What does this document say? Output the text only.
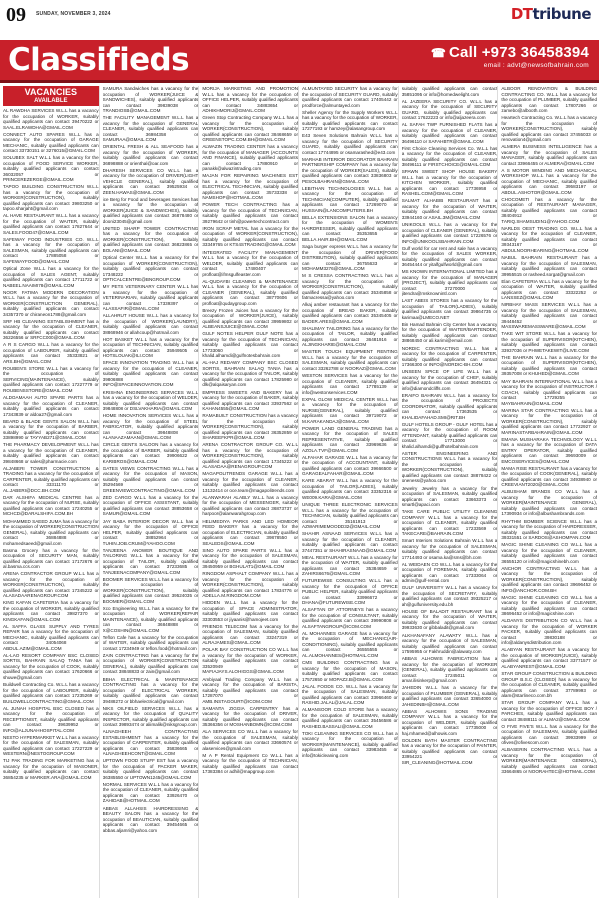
09 SUNDAY, NOVEMBER 3, 2024	DTtribune
Classifieds	☎ Call +973 36458394
email : advt@newsofbahrain.com
VACANCIES
AVAILABLE

AL RAWDHA SERVICES W.L.L has a vacancy for the occupation of WORKER, suitably qualified applicants can contact 39470222 or SAAL.ELRAWDHA@GMAIL.COM

CONNECT AUTO SPARES W.L.L has a vacancy for the occupation of GARAGE MECHANIC, suitably qualified applicants can contact 33730151 or 3276015@GMAIL.COM

SOLUBEX SALT W.L.L has a vacancy for the occupation of FOOD SERVICE WORKER, suitably qualified applicants can contact 36032057 or PRINCEREZERGE@GMAIL.COM

TAPOO BUILDING CONSTRUCTION W.L.L has a vacancy for the occupation of WORKER(CONSTRUCTION), suitably qualified applicants can contact 39803250 or tapoo.sharjaht@gmail.com

AL HAVE RESTAURANT W.L.L has a vacancy for the occupation of WAITER, suitably qualified applicants can contact 17827644 or SALES.FOOD47@GMAIL.COM

SAFEWAY FOOD INDUSTRIES CO. W.L.L has a vacancy for the occupation of SALESMAN, suitably qualified applicants can contact 17885058 or SAFEWAYFOOD@GMAIL.COM

Optical Zone W.L.L has a vacancy for the occupation of SALES AGENT, suitably qualified applicants can contact 17711722 or NABEEL.NAAIMI78@GMAIL.COM

NOOR FATIMA MODERN DECORATION W.L.L has a vacancy for the occupation of WORKER(CONSTRUCTION GENERAL), suitably qualified applicants can contact 34357370 or chiraneon1788@gmail.com

SRF HB CLEANING ESTABLISHMENT has a vacancy for the occupation of CLEANER, suitably qualified applicants can contact 36226556 or SRFCC000@GMAIL.COM

A R S CARGO W.L.L has a vacancy for the occupation of LABOURER, suitably qualified applicants can contact 35333821 or ARS.BH@GMAIL.COM

ROUBEN'S STORE W.L.L has a vacancy for the occupation of SERVICING(MAINTENANCE), suitably qualified applicants can contact 17227779 or ROUBENSSTORE@GMAIL.COM

ALDOAMAAH AUTO SPARE PARTS has a vacancy for the occupation of CLEANER, suitably qualified applicants can contact 17343839 or aldoa27@gmail.com

BEARD & BLADE GENTS SALON W.L.L has a vacancy for the occupation of BARBER, suitably qualified applicants can contact 33898990 or TAYYAB271@GMAIL.COM

THE PHARMACY DEVELOPMENT W.L.L has a vacancy for the occupation of CLEANER, suitably qualified applicants can contact 39848668 or sales@pharmacie.com

ALJABERI TOWER CONSTRUCTION & TRADING has a vacancy for the occupation of CARPENTER, suitably qualified applicants can contact 33311170 or AL.JABERI@DCC.BH.COM

DAR ALSHIFA MEDICAL CENTRE has a vacancy for the occupation of NURSE, suitably qualified applicants can contact 17240255 or MCHCD@DARALSHIFA.COM.BH

MOHAMMED SAEED JUMA has a vacancy for the occupation of WORKER(CONSTRUCTION GENERAL), suitably qualified applicants can contact 36884888 or mohamedsaeed@gmail.com

Basma Grocery has a vacancy for the occupation of SECURITY MAN, suitably qualified applicants can contact 17172676 or al.basma.ccs.com

ARENA CONTRACTOR GROUP W.L.L has a vacancy for the occupation of WORKER(CONSTRUCTION), suitably qualified applicants can contact 17345222 or ALASADAARENAGROUP.COM

KING KAFAN CAFETERIA has a vacancy for the occupation of WORKER, suitably qualified applicants can contact 39827370 or KINGKAFAN@GMAIL.COM

AL SAFFA GLASS SUPPLY AND TYRES REPAIR has a vacancy for the occupation of MECHANIC, suitably qualified applicants can contact 34054068 or ABDUL.AZIM@GMAIL.COM

AL-LAO RESORT COMPANY BSC CLOSED SORTIS, BAHRAIN SALAQ TANIA has a vacancy for the occupation of COOK, suitably qualified applicants can contact 17620666 or shuwe@gmail.com

Buildwell Contracting Co. W.L.L has a vacancy for the occupation of LABOURER, suitably qualified applicants can contact 17235269 or BUILDWELLCONTRACTING@GMAIL.COM

AL JUNAH HOSPITAL BSC CLOSED has a vacancy for the occupation of RECEPTIONIST, suitably qualified applicants can contact 39639952 or INFO@ALJUNAHHOSPITAL.COM

NESTO HYPERMARKET W.L.L has a vacancy for the occupation of SALESMAN, suitably qualified applicants can contact 17227229 or WESTERN@NESTOGROUP.COM

TIJ PAK TRADING FOR MARKETING has a vacancy for the occupation of MASONER, suitably qualified applicants can contact 36854235 or MARKER.ARA@GMAIL.COM

SAMURA Sandwiches has a vacancy for the occupation of WORKER(JUICE & SANDWICHES), suitably qualified applicants can contact 39839038 or TRANDIOSB@GMAIL.COM

THE FACILITY MANAGEMENT W.L.L has a vacancy for the occupation of GENERAL CLEANER, suitably qualified applicants can contact 36984358 or SAMURAA@GMAIL.COM

ORIENTAL FRESH & ALL SEAFOOD has a vacancy for the occupation of WORKER, suitably qualified applicants can contact 36898888 or orienthal@oar.com

DHARESH SERVICES CO W.L.L has a vacancy for the occupation of DRIVER(LIGHT VEHICLE GENERAL), suitably qualified applicants can contact 39525934 or ZEEN.HAWAS@GMAIL.COM

ice Berg for Food and beverages Services has a vacancy for the occupation of WORKER(JUICE & SANDWICHES), suitably qualified applicants can contact 36878480 or dooni23045@gmail.com

UNITED SHARP TOWER CONTRACTING has a vacancy for the occupation of WORKER(CONSTRUCTION), suitably qualified applicants can contact 36823865 or BOLANI@GMAIL.COM

Optical Center W.L.L has a vacancy for the occupation of WORKER(CONSTRUCTION), suitably qualified applicants can contact 17348222 or OPTICALCENTRE@BNGROUP.COM

MY PETS VETERINARY CENTER W.L.L has a vacancy for the occupation of VETERINARIAN, suitably qualified applicants can contact 17339397 or ALASSAFIR@GMAIL.COM

ALLAHRUT HOUSE W.L.L has a vacancy for the occupation of WORKER(LAUNDRY), suitably qualified applicants can contact 38868946 or allahcoup@hotmail.com

HOT BASKET W.L.L has a vacancy for the occupation of TECHNICIAN, suitably qualified applicants can contact 35949505 or HOTSLOUAK@ILI.COM

SPACE INNOVATION TRADING W.L.L has a vacancy for the occupation of CLEANER, suitably qualified applicants can contact 39806888 or INFO@SPACEINNOVATION.COM

KRISHNA ENGINEERING SERVICES W.L.L has a vacancy for the occupation of WELDER, suitably qualified applicants can contact 39848808 or DSLVAKHARIA@GMAIL.COM

HOME INNOVATION SERVICES W.L.L has a vacancy for the occupation of STEEL FABRICATOR, suitably qualified applicants can contact 39848808 or ALANAAZAMAAN@GMAIL.COM

CIRCLE GENTS SALOON has a vacancy for the occupation of BARBER, suitably qualified applicants can contact 39906622 or KARIBROS@GMAIL.COM

GATES VIEWS CONTRACTING W.L.L has a vacancy for the occupation of MASON, suitably qualified applicants can contact 35294569 or GREENVIEWCONTRACTING@GMAIL.COM

ZED CARGO W.L.L has a vacancy for the occupation of OFFICE ASSISTANT, suitably qualified applicants can contact 38853658 or SAMUR@GMAIL.COM

JAY BABA INTERIOR DECOR W.L.L has a vacancy for the occupation of OFFICE HELPER, suitably qualified applicants can contact 38852964 or TUHIN.JOB.CRUM@YAHOO.COM

TANJEENA ANOWER BOUTIQUE AND TAILORING W.L.L has a vacancy for the occupation of TAILOR, suitably qualified applicants can contact 37233685 or TANJEENACOMPANY@GMAIL.COM

BOOMER SERVICES W.L.L has a vacancy for the occupation of WORKER(CONSTRUCTION), suitably qualified applicants can contact 39524035 or BOOMER@GMAIL.COM

Xco Engineering W.L.L has a vacancy for the occupation of WORKER(REPAIR MAINTENANCE), suitably qualified applicants can contact 36848888 or X@COSHIN@GMAIL.COM

Teflon Cafe has a vacancy for the occupation of WAITER, suitably qualified applicants can contact 17234949 or teflon.food@hotmail.com

ZAIN CONTRACTING has a vacancy for the occupation of WORKER(CONSTRUCTION GENERAL), suitably qualified applicants can contact 38848833 or zain@gmail.com

BBHA ELECTRICAL & MAINTENANCE CONTRACTING has a vacancy for the occupation of ELECTRICAL WORKER, suitably qualified applicants can contact 39488272 or bbhaelectrical@gmail.com

NIKS OILFIELD SERVICES W.L.L has a vacancy for the occupation of QUALITY INSPECTOR, suitably qualified applicants can contact 39893474 or aliimalik@niksgroup.com

ALNAGHEEH CONTRACTING ESTABLISHMENT has a vacancy for the occupation of CARPENTER, suitably qualified applicants can contact 35836665 or ALNAGHEEHCONT@GMAIL.COM

UPTOWN FOOD STUFF EST has a vacancy for the occupation of PACKER MAKER, suitably qualified applicants can contact 36385550 or UPTOWN1245@GMAIL.COM

NORMAL SERVICES W.L.L has a vacancy for the occupation of CLEANER, suitably qualified applicants can contact 33926470 or ZAHIDAB@HOTMAIL.COM

ABBAS ALLAHSIS HAIRDRESSING & BEAUTY SALON has a vacancy for the occupation of BEAUTICIAN, suitably qualified applicants can contact 39454665 or abbas.aljamri@yahoo.com

MORIJA MARKETING AND PROMOTION W.L.L has a vacancy for the occupation of OFFICE HELPER, suitably qualified applicants can contact 34883654 or ADHIKHMORIJ@GMAIL.COM

Green Stop Contracting Company W.L.L has a vacancy for the occupation of WORKER(CONSTRUCTION), suitably qualified applicants can contact 38468659 or GREENSTOPC.COM.BH@GMAIL.COM

ALWAZIN TRADING CENTER has a vacancy for the occupation of MANAGER (ACCOUNTS AND FINANCE), suitably qualified applicants can contact 17880910 or panakk@alwazintrading.com

MAJAN FOR REPAIRING MACHINES EST has a vacancy for the occupation of ELECTRICAL TECHNICIAN, suitably qualified applicants can contact 35733338 or NAMSHOP@HOTMAIL.COM

POWER TECH CONTRACTING has a vacancy for the occupation of TECHNICIAN, suitably qualified applicants can contact 39279642 or tinh@powertechcontract.com

IRON SCRAP METAL has a vacancy for the occupation of WORKER(CONSTRUCTION), suitably qualified applicants can contact 33349765 or KTS4STRADING@GMAIL.COM

INTEGRATED FACILITY MANAGEMENT W.L.L has a vacancy for the occupation of WELDER, suitably qualified applicants can contact 17480407 or profloat@ifmsgulfeaster.com

AL-QUDAYBI CLEANING & MAINTENANCE W.L.L has a vacancy for the occupation of CLEANER (GENERAL), suitably qualified applicants can contact 38770606 or profloat@qudaygroup.com

Breezy Frozen Juices has a vacancy for the occupation of WORKER(JUICE), suitably qualified applicants can contact 39959802 or ALBEANSJUICE@GMAIL.COM

GULF NOTES HELPER GULF NOTE has a vacancy for the occupation of TECHNICIAN, suitably qualified applicants can contact 17733060 or khalid.alhamdi@gulfnotesbahrain.com

AL-HAJ REDAWY COMPANY BSC CLOSED SORTIS, BAHRAIN SALAQ TANIA has a vacancy for the occupation of TAILOR, suitably qualified applicants can contact 17825980 or dlk@alqaisaryan.com

EMPRESS SWEETS AND BAKERY has a vacancy for the occupation of BAKER, suitably qualified applicants can contact 33937562 or KAHAN4555@GMAIL.COM

RAMABUILT CONSTRUCTION has a vacancy for the occupation of WORKER(CONSTRUCTION), suitably qualified applicants can contact 36352859 or SHAREEFKPR@GMAIL.COM

ARENA CONTRACTOR GROUP CO. W.L.L has a vacancy for the occupation of WORKER(CONSTRUCTION), suitably qualified applicants can contact 17345222 or ALASADAA@RENAGROUP.COM

MAGAPOLITRENDS GARAGE W.L.L has a vacancy for the occupation of CLEANER, suitably qualified applicants can contact 13132414 or oce.team@magapolitrends.com

ALANWARAH ALABLY W.L.L has a vacancy for the occupation of MESSENGER, suitably qualified applicants can contact 36873737 or harpoor@alanwarahgroup.com

HELIMEDIYA PARKS AND LED HOMEOR FEED BAKERY has a vacancy for the occupation of ELECTRICIAN, suitably qualified applicants can contact 39878550 or SEALEDS@GMAIL.COM

SINO AUTO SPARE PARTS W.L.L has a vacancy for the occupation of SALESMAN, suitably qualified applicants can contact 39450959 or BGHULAT1@GMAIL.COM

RINGDOM ASPHALT COMPANY W.L.L has a vacancy for the occupation of WORKER(CONSTRUCTION), suitably qualified applicants can contact 17834776 or ADELLA.M.RINGDOM.COM

HIDDEN W.L.L has a vacancy for the occupation of SPACE ADMINISTRATOR, suitably qualified applicants can contact 33303553 or jiyaanis@hamojeet.com

FRIENDS TELECOM has a vacancy for the occupation of SALESMAN, suitably qualified applicants can contact 33247319 or ALRAJAMES@GMAIL.COM

POLAR BAY CONSTRUCTION CO W.L.L has a vacancy for the occupation of WORKER, suitably qualified applicants can contact 33520949 or MAFIAJAYS.ALOHIGGS@GMAIL.COM

Ambiyaal Trading Company W.L.L has a vacancy for the occupation of BARISTA, suitably qualified applicants can contact 17287070 or AMB.INSTAGOURT@ICOM.COM

SAMANTA ZIGGIA CARPENTRY has a vacancy for the occupation of DRIVER, suitably qualified applicants can contact 35366356 or MOSHANBOMN@ICOM.COM

ALA SERVICES CO W.L.L has a vacancy for the occupation of SALESMAN, suitably qualified applicants can contact 33660574 or alaservices@gmail.com

M A P Rental Equipment Co W.L.L has a vacancy for the occupation of TECHNICIAN, suitably qualified applicants can contact 17383384 or adhil@mapgroup.com

ALMUNTAYED SECURITY has a vacancy for the occupation of SECURITY GUARD, suitably qualified applicants can contact 17405442 or prodforce@almuntayed.com

Sheller Agency for the Supply Workers W.L.L has a vacancy for the occupation of WORKER, suitably qualified applicants can contact 17277193 or hamzey@alasangroup.com

E43 Seven Solutions Bahrain W.L.L has a vacancy for the occupation of SECURITY GUARD, suitably qualified applicants can contact 17744895 or osamarashed@e43.com

MARHAB INTERIOR DECORATOR BAHRAIN PARTNERSHIP COMPANY has a vacancy for the occupation of WORKER(SALES), suitably qualified applicants can contact 33836803 or PESOLBAHRAIN@GMAIL.COM

LEBITHAN TECHNOLOGIES W.L.L has a vacancy for the occupation of TECHNICIAN(COMPUTER), suitably qualified applicants can contact 17269070 or HUSSAIN@LANCOMPUTERS.BH

BELLA EXTENSIONS SALON has a vacancy for the occupation of WOMEN'S HAIRDRESSER, suitably qualified applicants can contact 35353655 or BELLA.HAIR.BH@GMAIL.COM

Saga burger express W.L.L has a vacancy for the occupation of DRIVER(FOOD DISTRIBUTION), suitably qualified applicants can contact 36755633 or MOHAMM3276@GMAIL.COM

M S CRESSA CONTRACTING W.L.L has a vacancy for the occupation of WORKER(CONSTRUCTION), suitably qualified applicants can contact 35345858 or fatmacressa@yahoo.com

Alkaj amber restaurant has a vacancy for the occupation of BREAD BAKER, suitably qualified applicants can contact 35345405 or BADER.ARES@GMAIL.COM

SHALIMAY TAILORING has a vacancy for the occupation of TAILOR, suitably qualified applicants can contact 36481916 or ALJINGKHARIE@GMAIL.COM

MASTER TOUCH EQUIPMENT RENTING W.L.L has a vacancy for the occupation of SALESMAN, suitably qualified applicants can contact 33262788 or NOORAZ@GMAIL.COM

WESTON SERVICES has a vacancy for the occupation of CLEANER, suitably qualified applicants can contact 17785139 or info@westonservices.COM

EXPAL GLOW MEDICAL CENTER W.L.L has a vacancy for the occupation of NURSE(GENERAL), suitably qualified applicants can contact 39719072 or M.KARAKANDAJ@GMAIL.COM

POWER LAND GENERAL TRADING has a vacancy for the occupation of SALES REPRESENTATIVE, suitably qualified applicants can contact 33969636 or AZOLA.TVF@GMAIL.COM

ALFAHAR GARAGE W.L.L has a vacancy for the occupation of ACCOUNTANT, suitably qualified applicants can contact 39666500 or GARAGEALFAHAR@GMAIL.COM

KARE ABARAT W.L.L has a vacancy for the occupation of TAILOR(LADIES), suitably qualified applicants can contact 33352316 or WE009.KARA@GMAIL.COM

UNIQUE THREE ELECTRONIC SERVICES W.L.L has a vacancy for the occupation of TECHNICIAN, suitably qualified applicants can contact 35161913 or AZWARIMEMOODD32@GMAIL.COM

SHAHIR ASNAAD SERVICES W.L.L has a vacancy for the occupation of CLEANER, suitably qualified applicants can contact 37447351 or SHAHIRASNAAD@GMAIL.COM

MEAL RESTAURANT W.L.L has a vacancy for the occupation of WAITER, suitably qualified applicants can contact 35384659 or ZAHIRS6676@GMAIL.COM

FUTUREWISE CONSULTING W.L.L has a vacancy for the occupation of OFFICE PUBLIC HELPER, suitably qualified applicants can contact 33996672 or DHANA@FUTUREWISE.COM

ALSAFTAN OF ATTORNEYS has a vacancy for the occupation of CONSULTANT, suitably qualified applicants can contact 39990808 or ALSAFTANGROUP@ICOM.COM

AL MOHANNES GARAGE has a vacancy for the occupation of MECHANIC(AIR-CONDITIONING), suitably qualified applicants can contact 36555555 or AL.ALMOHANNES@HOTMAIL.COM

CMS BUILDING CONTRACTING has a vacancy for the occupation of MASON, suitably qualified applicants can contact 17572650 or MOPAZ2.B@GMAIL.COM

JALAL FOODS CO. W.L.L has a vacancy for the occupation of SALESMAN, suitably qualified applicants can contact 33966460 or RASHID.JALAL@JALAL.COM

ALMANSOOR COLD STORE has a vacancy for the occupation of SALESMAN, suitably qualified applicants can contact 35456586 or RASHED.BASSALI@GMAIL.COM

TOKI CLEANING SERVICES CO W.L.L has a vacancy for the occupation of WORKER(MAINTENANCE), suitably qualified applicants can contact 33983455 or info@tokicleaning.com

suitably qualified applicants can contact 35851095 or info@homedwelight.com

AL JAZEERA SECURITY CO. W.L.L has a vacancy for the occupation of SECURITY GUARD, suitably qualified applicants can contact 17622223 or info@aljazeera.com

AL SAFAH TWP FURNISHED FLATS has a vacancy for the occupation of CLEANER, suitably qualified applicants can contact 36496110 or SAFAHBTR@GMAIL.COM

First Choice Cleaning Services Co. W.L.L has a vacancy for the occupation of CLEANER, suitably qualified applicants can contact 38496111 or FIRSTCHOICE@GMAIL.COM

SPAWN SWEET SHOP HOUSE BAKERY W.L.L has a vacancy for the occupation of KITCHEN WORKER, suitably qualified applicants can contact 17736958 or RASHEL.COM@GMAIL.COM

SALMAT ALHABIB RESTAURANT has a vacancy for the occupation of WAITER, suitably qualified applicants can contact 33944160 or ASAIL.3M@GMAIL.COM

UNIKOOLS W.L.L has a vacancy for the occupation of CLEANER (GENERAL), suitably qualified applicants can contact 17226576 or INFO@UNIKOOLSBAHRAIN.COM

Gulf world for car rent and sale has a vacancy for the occupation of SALES WORKER, suitably qualified applicants can contact 36454444 or yitalfgulfworld@gmail.com

MS KNOWN INTERNATIONAL LIMITED has a vacancy for the occupation of MANAGER (PROJECT), suitably qualified applicants can contact 37270000 or jitendra@msknownintl.com

LAST ABEIS STORES has a vacancy for the occupation of TAILOR(LADIES), suitably qualified applicants can contact 39864735 or karimaa@LMECO.NET

Bin Hamad Bahrain City Center has a vacancy for the occupation of WAITER/BARTENDER, suitably qualified applicants can contact 38868450 or ali.karimi@email.com

NORDIC CONTRACTING W.L.L has a vacancy for the occupation of CARPENTER, suitably qualified applicants can contact 17366300 or INFO@NORDIC-BH.COM

UNSEEN SPICE OF LIFE W.L.L has a vacancy for the occupation of CHEF, suitably qualified applicants can contact 36494321 or info@diamondcliffs.com

ERAIFO BAHRAIN W.L.L has a vacancy for the occupation of PROJECTS COORDINATOR, suitably qualified applicants can contact 17363535 or KHALIDAFAHAD.SMI@RIT.BH

GULF HOTELS GROUP - GULF HOTEL has a vacancy for the occupation of ROOM ATTENDANT, suitably qualified applicants can contact 17713000 or khalid.alhamdi@gulfhotelbahrain.com

ASTER ENGINEERING AND CONSTRUCTIONS W.L.L has a vacancy for the occupation of WORKER(CONSTRUCTION), suitably qualified applicants can contact 38878422 or oneness@yahoo.com

Jewelry Jewelry has a vacancy for the occupation of SALESMAN, suitably qualified applicants can contact 33663373 or smartl@apaci.com

TAKE CARE PUBLIC UTILITY CLEANING COMPANY W.L.L has a vacancy for the occupation of CLEANER, suitably qualified applicants can contact 17233569 or TAKECARE@BAHRAIN.COM

Smart Interiors Solutions Bahrain W.L.L has a vacancy for the occupation of SALESMAN, suitably qualified applicants can contact 17714493 or osama.ka@sms@bh.com

AL WEIDAEN CO W.L.L has a vacancy for the occupation of FOREMAN, suitably qualified applicants can contact 17333064 or admin@gulf-rental.com

GULF UNIVERSITY W.L.L has a vacancy for the occupation of SECRETARY, suitably qualified applicants can contact 39325217 or ah@gulfuniversity.edu.bh

HOUSE OF BALADIT RESTAURANT has a vacancy for the occupation of WAITER, suitably qualified applicants can contact 39933630 or gibbaladit@gmail.com

ALKHANAFANY ALAWATY W.L.L has a vacancy for the occupation of SALESMAN, suitably qualified applicants can contact 17595955 or Fakhruddin@alawaty.com

ABBAS ALHOWIS FABRICATION has a vacancy for the occupation of WORKER (GENERAL), suitably qualified applicants can contact 17245011 or amar.ilisinkerp@gmail.com

JAHEDIN W.L.L has a vacancy for the occupation of PLUMBER (GENERAL), suitably qualified applicants can contact 33654000 or JAHEDINBH@GMAIL.COM

ABBAS ALHOWIS SONS TRADING COMPANY W.L.L has a vacancy for the occupation of WELDER, suitably qualified applicants can contact 17735000 or haj.mhamed@alhowis.com

GOLDEN BATH MASTER CONTRACTING has a vacancy for the occupation of PAINTER, suitably qualified applicants can contact 33954221 or SIR_CLEANING@HOTMAIL.COM

ALBOOR RENOVATION & BUILDING CONTRACTING CO. W.L.L has a vacancy for the occupation of PLUMBER, suitably qualified applicants can contact 17807266 or zamebo@albooth.com

Heartech Contracting Co. W.L.L has a vacancy for the occupation of WORKER(CONSTRUCTION), suitably qualified applicants can contact 37455033 or renovation4@gmail.com

ALMERA BUSINESS INTELLIGENCE has a vacancy for the occupation of SALES MANAGER, suitably qualified applicants can contact 33966455 or ALMERA@GMAIL.COM

A S MOTOR WINDING AND MECHANICAL WORKSHOP W.L.L has a vacancy for the occupation of MECHANIC, suitably qualified applicants can contact 39583197 or ABDUL.ASHOTOR@GMAIL.COM

CHOCOMETI has a vacancy for the occupation of RESTAURANT MANAGER, suitably qualified applicants can contact 38404912 or TARIQ.SHAMSUDIN1@YAHOO.COM

NARLDS OEST TRADING CO. W.L.L has a vacancy for the occupation of CLEANER, suitably qualified applicants can contact 39343167 or ABDULNOORHEARING@HOTMAIL.COM

NABUL BAHRAIN RESTAURANT has a vacancy for the occupation of SALESMAN, suitably qualified applicants can contact 39955515 or rasheed.sorgat@gmail.com

Elan CAFETERIA W.L.L has a vacancy for the occupation of WAITER, suitably qualified applicants can contact 33322252 or LANSSEZ@GMAIL.COM

NIRBHAY MASS SERVICES W.L.L has a vacancy for the occupation of SALESMAN, suitably qualified applicants can contact 39448452 or MASSWAREMASSWARE@GMAIL.COM

TAKE WIT STORE W.L.L has a vacancy for the occupation of SUPERVISOR(KITCHEN), suitably qualified applicants can contact 33937036 or PHWETAKEWIT@LIVE.COM

THE BAHRAIN W.L.L has a vacancy for the occupation of SUPERVISOR(KITCHEN), suitably qualified applicants can contact 39357008 or KHUHED@GMAIL.COM

MAY BAHRAIN INTERNATIONAL W.L.L has a vacancy for the occupation of INSTRUCTOR / COACH, suitably qualified applicants can contact 17729255 or MAYBAHRAIN@GMAIL.COM

MARINA STAR CONTRACTING W.L.L has a vacancy for the occupation of WORKER(CONSTRUCTION), suitably qualified applicants can contact 17722927 or MARINASTARBAHRAIN@GMAIL.COM

EMANA MUSHARAKA TECHNOLOGY W.L.L has a vacancy for the occupation of DATA ENTRY OPERATOR, suitably qualified applicants can contact 39693009 or EMCOSERVICES@GMAIL.COM

MAMA RISE RESTAURANT has a vacancy for the occupation of COOK(GENERAL), suitably qualified applicants can contact 34938940 or CREEVIANT2020@GMAIL.COM

ALBUSHAM BRANDS CO W.L.L has a vacancy for the occupation of WORKER(MAINTENANCE GENERAL), suitably qualified applicants can contact 17390934 or info@albushambrands.com

RHYTHM BOMBER SCIENCE W.L.L has a vacancy for the occupation of HAIRDRESSER, suitably qualified applicants can contact 39331551 or SARDOS@ASHOMPAN.COM

MAGIC SHINE CLEANING CO W.L.L has a vacancy for the occupation of CLEANER, suitably qualified applicants can contact 36555120 or info@magicshinebh.com

ANCHOR CONTRACTING W.L.L has a vacancy for the occupation of WORKER(CONSTRUCTION), suitably qualified applicants can contact 39696452 or INFO@ANCHOR.COM.BH

MAGIC SHINE CLEANING CO W.L.L has a vacancy for the occupation of CLEANER, suitably qualified applicants can contact 38696452 or info@magicshine.com

ALDANYS DISTRIBUTION CO W.L.L has a vacancy for the occupation of WORKER PACKER, suitably qualified applicants can contact 39830188 or info@aldanysdistribution.com

ALABYAN RESTAURANT has a vacancy for the occupation of WORKER(JUICE), suitably qualified applicants can contact 33771577 or ALABYANREST@GMAIL.COM

STAR GROUP CONSTRUCTION & BUILDING GROUP B.S.C (CLOSED) has a vacancy for the occupation of CLEANER, suitably qualified applicants can contact 37789993 or alam@starlineco.com.bh

STAR GROUP COMPANY W.L.L has a vacancy for the occupation of OFFICE BOY / PARCHES, suitably qualified applicants can contact 38488111 or ALMA2@GMAIL.COM

O FIVE FIVE'S W.L.L has a vacancy for the occupation of SALESMAN, suitably qualified applicants can contact 39933999 or ofives@ofivescom.com

ALBASERIN CONTRACTING W.L.L has a vacancy for the occupation of WORKER(MAINTENANCE GENERAL), suitably qualified applicants can contact 33664865 or NOORAHTEC@HOTMAIL.COM
